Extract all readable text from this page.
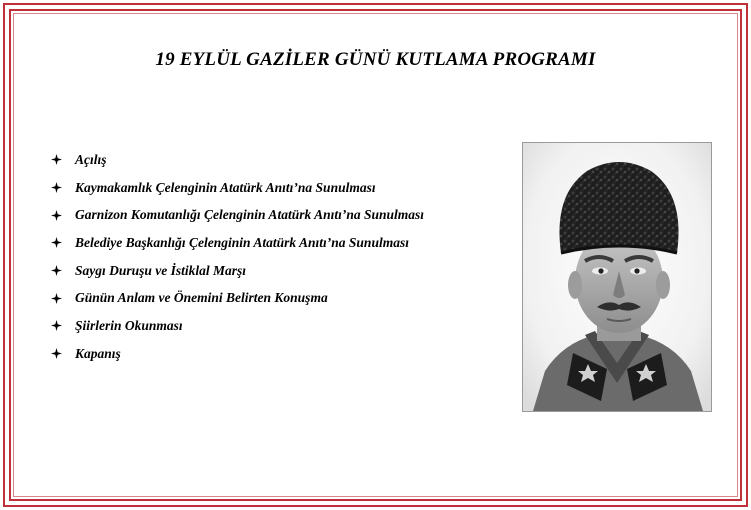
19 EYLÜL GAZİLER GÜNÜ KUTLAMA PROGRAMI
Açılış
Kaymakamlık Çelenginin Atatürk Anıtı’na Sunulması
Garnizon Komutanlığı Çelenginin Atatürk Anıtı’na Sunulması
Belediye Başkanlığı Çelenginin Atatürk Anıtı’na Sunulması
Saygı Duruşu ve İstiklal Marşı
Günün Anlam ve Önemini Belirten Konuşma
Şiirlerin Okunması
Kapanış
